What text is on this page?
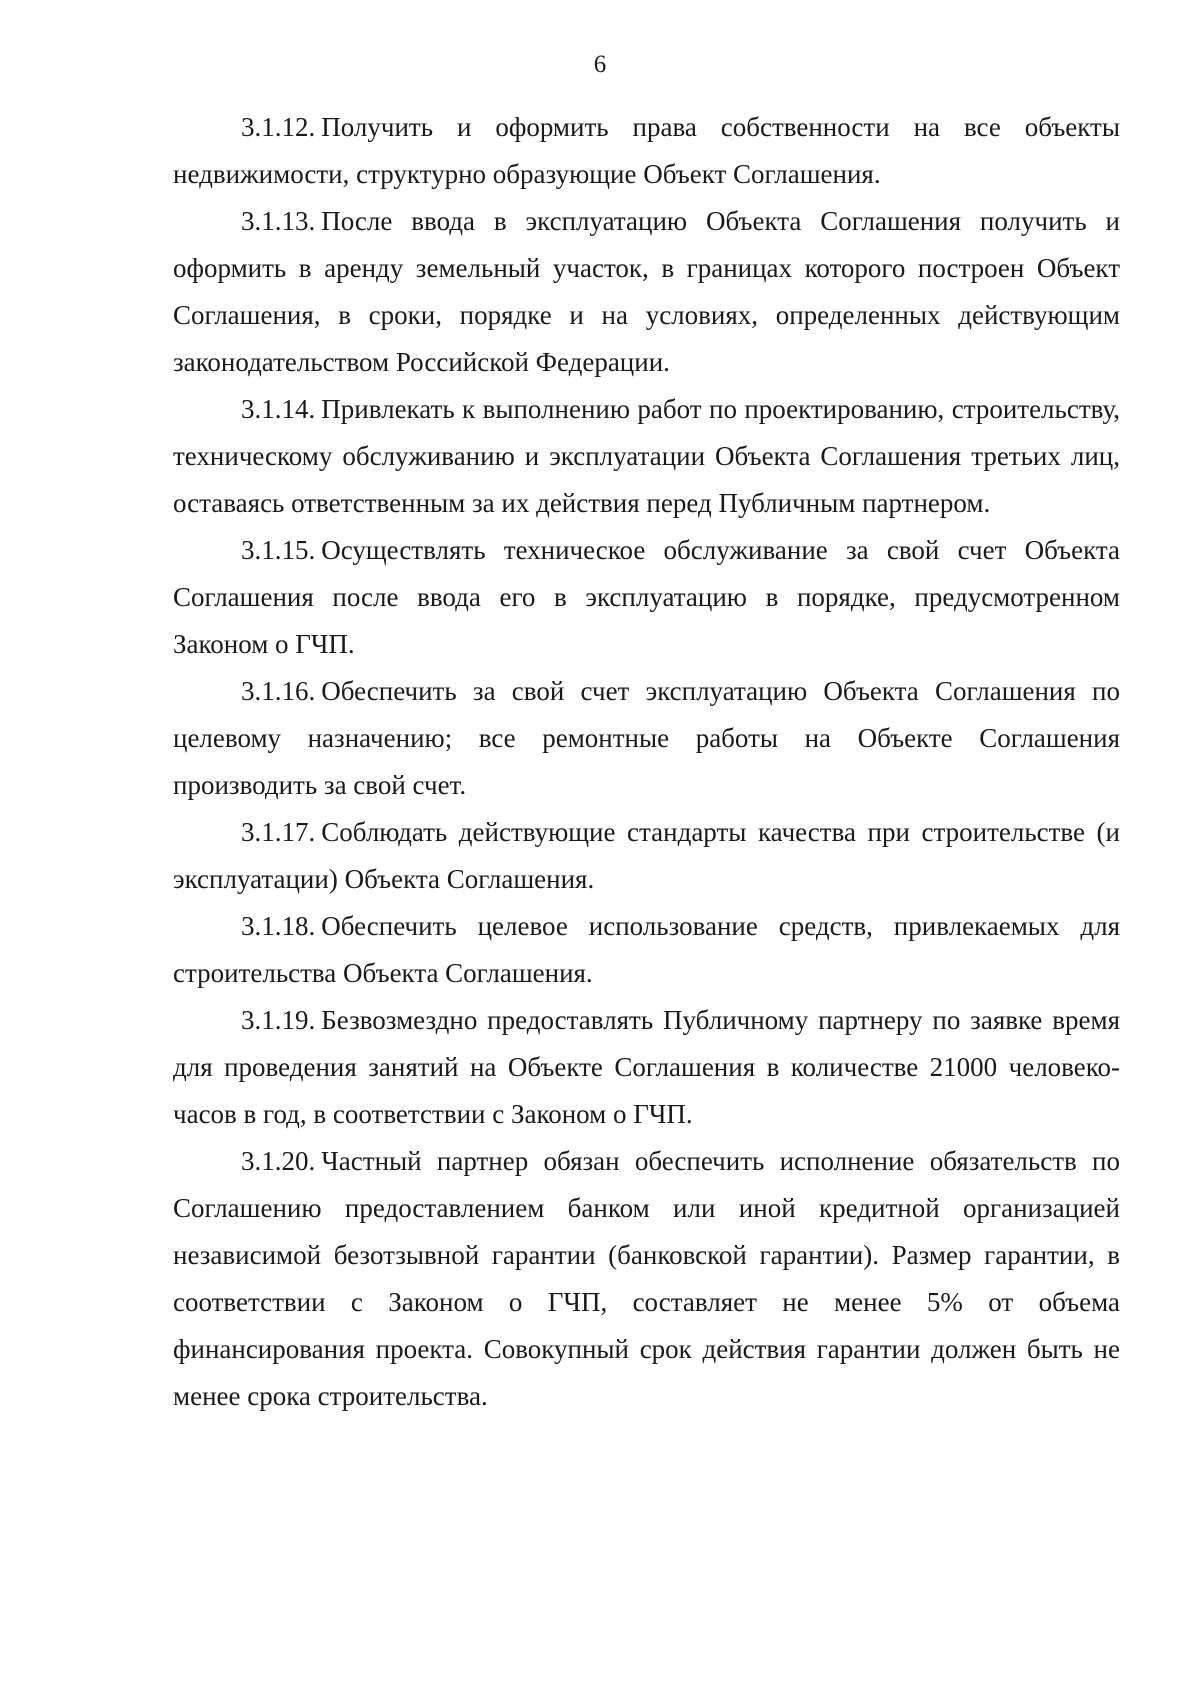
6

3.1.12. Получить и оформить права собственности на все объекты недвижимости, структурно образующие Объект Соглашения.

3.1.13. После ввода в эксплуатацию Объекта Соглашения получить и оформить в аренду земельный участок, в границах которого построен Объект Соглашения, в сроки, порядке и на условиях, определенных действующим законодательством Российской Федерации.

3.1.14. Привлекать к выполнению работ по проектированию, строительству, техническому обслуживанию и эксплуатации Объекта Соглашения третьих лиц, оставаясь ответственным за их действия перед Публичным партнером.

3.1.15. Осуществлять техническое обслуживание за свой счет Объекта Соглашения после ввода его в эксплуатацию в порядке, предусмотренном Законом о ГЧП.

3.1.16. Обеспечить за свой счет эксплуатацию Объекта Соглашения по целевому назначению; все ремонтные работы на Объекте Соглашения производить за свой счет.

3.1.17. Соблюдать действующие стандарты качества при строительстве (и эксплуатации) Объекта Соглашения.

3.1.18. Обеспечить целевое использование средств, привлекаемых для строительства Объекта Соглашения.

3.1.19. Безвозмездно предоставлять Публичному партнеру по заявке время для проведения занятий на Объекте Соглашения в количестве 21000 человеко-часов в год, в соответствии с Законом о ГЧП.

3.1.20. Частный партнер обязан обеспечить исполнение обязательств по Соглашению предоставлением банком или иной кредитной организацией независимой безотзывной гарантии (банковской гарантии). Размер гарантии, в соответствии с Законом о ГЧП, составляет не менее 5% от объема финансирования проекта. Совокупный срок действия гарантии должен быть не менее срока строительства.
